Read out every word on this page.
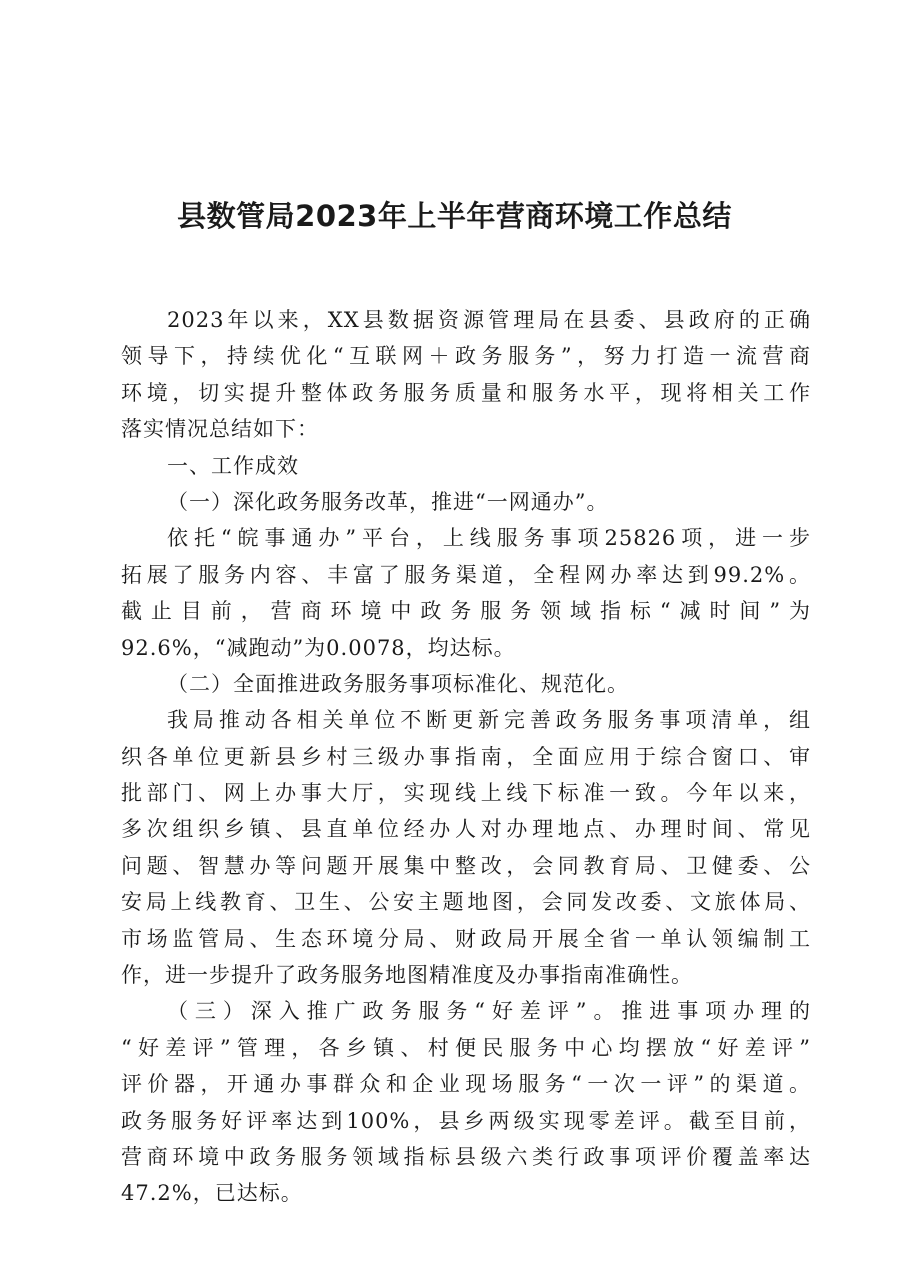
县数管局2023年上半年营商环境工作总结
2023年以来，XX县数据资源管理局在县委、县政府的正确
领导下，持续优化“互联网＋政务服务”，努力打造一流营商
环境，切实提升整体政务服务质量和服务水平，现将相关工作
落实情况总结如下：
一、工作成效
（一）深化政务服务改革，推进“一网通办”。
依托“皖事通办”平台，上线服务事项25826项，进一步
拓展了服务内容、丰富了服务渠道，全程网办率达到99.2%。
截止目前，营商环境中政务服务领域指标“减时间”为
92.6%，“减跑动”为0.0078，均达标。
（二）全面推进政务服务事项标准化、规范化。
我局推动各相关单位不断更新完善政务服务事项清单，组
织各单位更新县乡村三级办事指南，全面应用于综合窗口、审
批部门、网上办事大厅，实现线上线下标准一致。今年以来，
多次组织乡镇、县直单位经办人对办理地点、办理时间、常见
问题、智慧办等问题开展集中整改，会同教育局、卫健委、公
安局上线教育、卫生、公安主题地图，会同发改委、文旅体局、
市场监管局、生态环境分局、财政局开展全省一单认领编制工
作，进一步提升了政务服务地图精准度及办事指南准确性。
（三）深入推广政务服务“好差评”。推进事项办理的
“好差评”管理，各乡镇、村便民服务中心均摆放“好差评”
评价器，开通办事群众和企业现场服务“一次一评”的渠道。
政务服务好评率达到100%，县乡两级实现零差评。截至目前，
营商环境中政务服务领域指标县级六类行政事项评价覆盖率达
47.2%，已达标。
